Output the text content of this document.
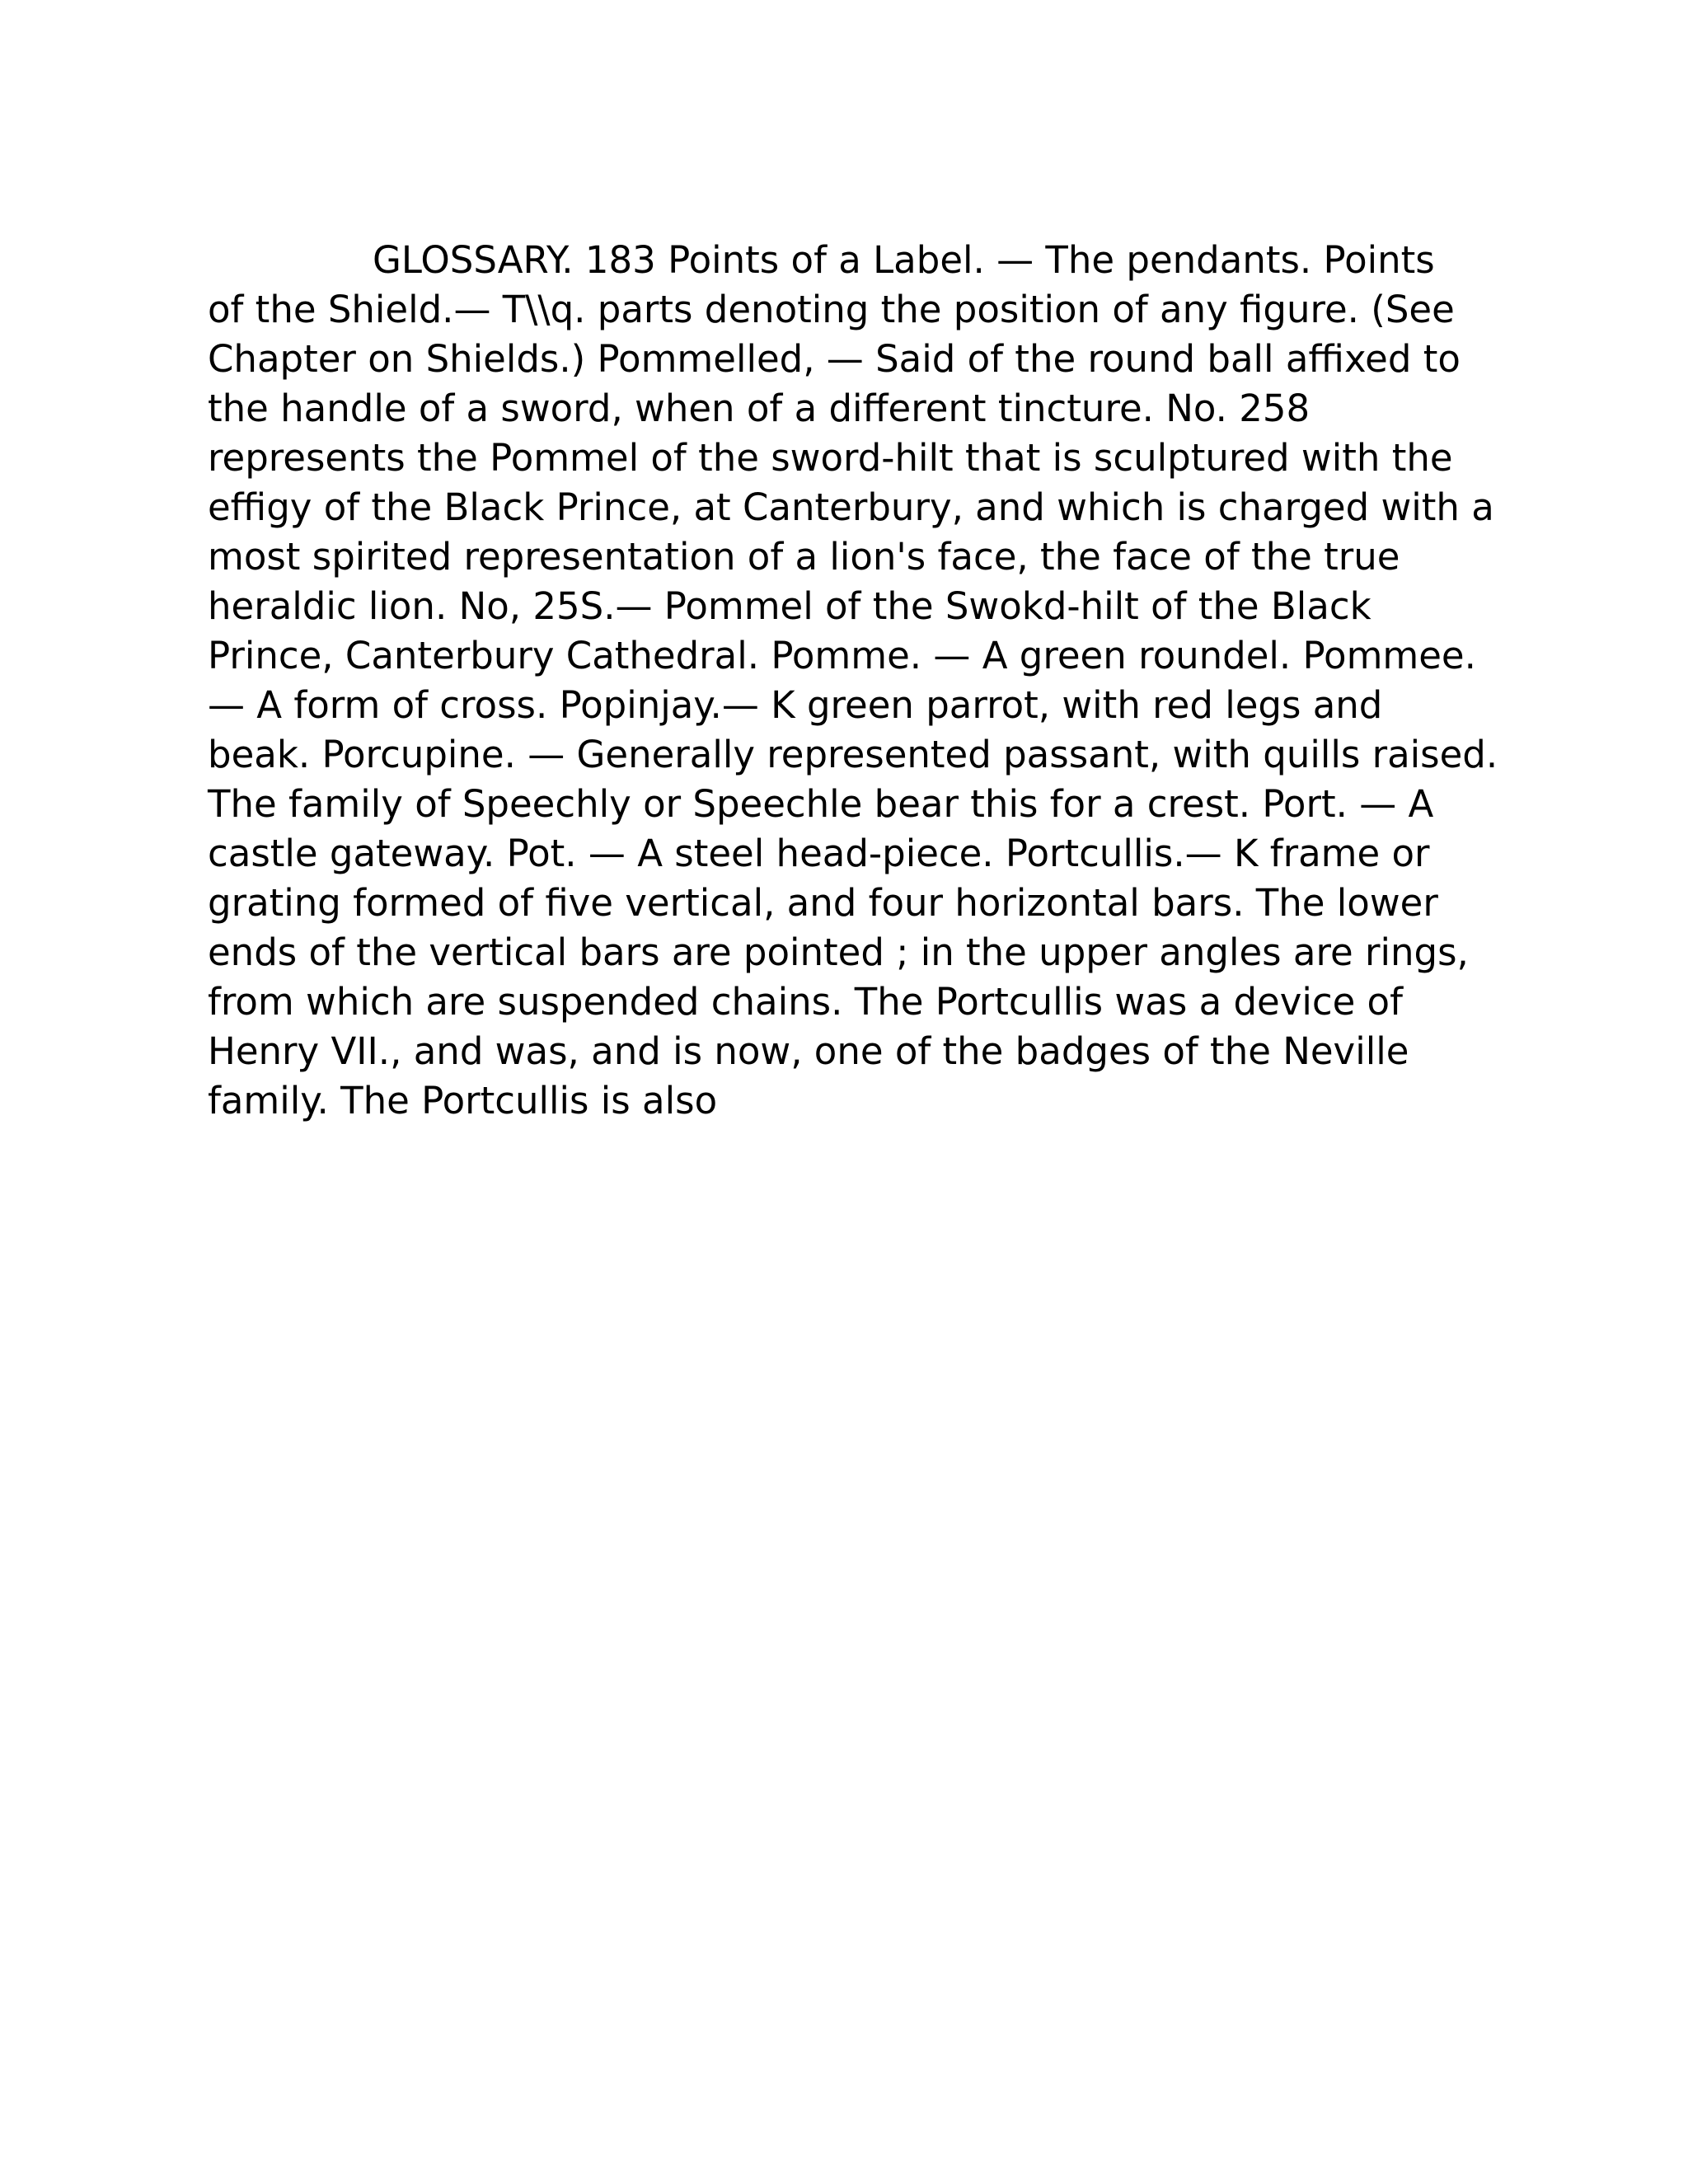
GLOSSARY. 183 Points of a Label. — The pendants. Points
of the Shield.— T\\q. parts denoting the position of any figure. (See
Chapter on Shields.) Pommelled, — Said of the round ball affixed to
the handle of a sword, when of a different tincture. No. 258
represents the Pommel of the sword-hilt that is sculptured with the
effigy of the Black Prince, at Canterbury, and which is charged with a
most spirited representation of a lion's face, the face of the true
heraldic lion. No, 25S.— Pommel of the Swokd-hilt of the Black
Prince, Canterbury Cathedral. Pomme. — A green roundel. Pommee.
— A form of cross. Popinjay.— K green parrot, with red legs and
beak. Porcupine. — Generally represented passant, with quills raised.
The family of Speechly or Speechle bear this for a crest. Port. — A
castle gateway. Pot. — A steel head-piece. Portcullis.— K frame or
grating formed of five vertical, and four horizontal bars. The lower
ends of the vertical bars are pointed ; in the upper angles are rings,
from which are suspended chains. The Portcullis was a device of
Henry VII., and was, and is now, one of the badges of the Neville
family. The Portcullis is also
